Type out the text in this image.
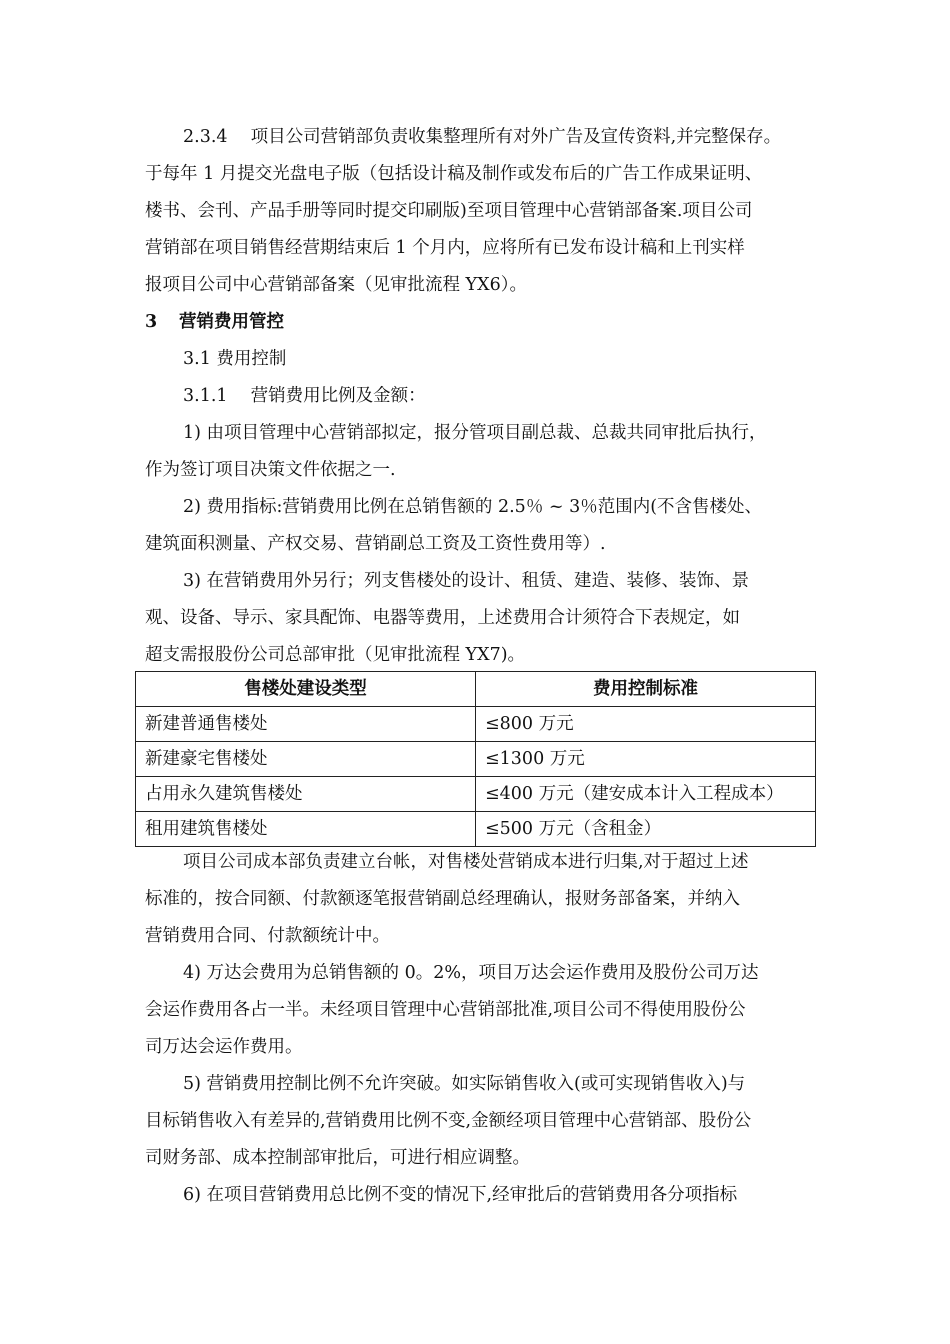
2.3.4　 项目公司营销部负责收集整理所有对外广告及宣传资料,并完整保存。
于每年 1 月提交光盘电子版（包括设计稿及制作或发布后的广告工作成果证明、
楼书、会刊、产品手册等同时提交印刷版)至项目管理中心营销部备案.项目公司
营销部在项目销售经营期结束后 1 个月内，应将所有已发布设计稿和上刊实样
报项目公司中心营销部备案（见审批流程 YX6）。
3 营销费用管控
3.1 费用控制
3.1.1　 营销费用比例及金额：
1) 由项目管理中心营销部拟定，报分管项目副总裁、总裁共同审批后执行，
作为签订项目决策文件依据之一.
2) 费用指标:营销费用比例在总销售额的 2.5％ ~ 3％范围内(不含售楼处、
建筑面积测量、产权交易、营销副总工资及工资性费用等）.
3) 在营销费用外另行；列支售楼处的设计、租赁、建造、装修、装饰、景
观、设备、导示、家具配饰、电器等费用，上述费用合计须符合下表规定，如
超支需报股份公司总部审批（见审批流程 YX7)。
售楼处建设类型	费用控制标准
新建普通售楼处	≤800 万元
新建豪宅售楼处	≤1300 万元
占用永久建筑售楼处	≤400 万元（建安成本计入工程成本）
租用建筑售楼处	≤500 万元（含租金）
项目公司成本部负责建立台帐，对售楼处营销成本进行归集,对于超过上述
标准的，按合同额、付款额逐笔报营销副总经理确认，报财务部备案，并纳入
营销费用合同、付款额统计中。
4) 万达会费用为总销售额的 0。2%，项目万达会运作费用及股份公司万达
会运作费用各占一半。未经项目管理中心营销部批准,项目公司不得使用股份公
司万达会运作费用。
5) 营销费用控制比例不允许突破。如实际销售收入(或可实现销售收入)与
目标销售收入有差异的,营销费用比例不变,金额经项目管理中心营销部、股份公
司财务部、成本控制部审批后，可进行相应调整。
6) 在项目营销费用总比例不变的情况下,经审批后的营销费用各分项指标
